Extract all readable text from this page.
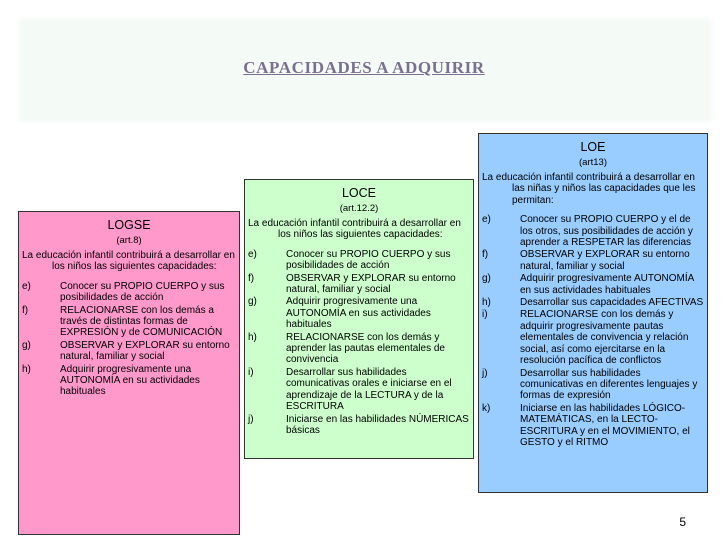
CAPACIDADES A ADQUIRIR
LOGSE
(art.8)
La educación infantil contribuirá a desarrollar en los niños las siguientes capacidades:
e)	Conocer su PROPIO CUERPO y sus posibilidades de acción
f)	RELACIONARSE con los demás a través de distintas formas de EXPRESIÓN y de COMUNICACIÓN
g)	OBSERVAR y EXPLORAR su entorno natural, familiar y social
h)	Adquirir progresivamente una AUTONOMÍA en su actividades habituales
LOCE
(art.12.2)
La educación infantil contribuirá a desarrollar en los niños las siguientes capacidades:
e)	Conocer su PROPIO CUERPO y sus posibilidades de acción
f)	OBSERVAR y EXPLORAR su entorno natural, familiar y social
g)	Adquirir progresivamente una AUTONOMÍA en sus actividades habituales
h)	RELACIONARSE con los demás y aprender las pautas elementales de convivencia
i)	Desarrollar sus habilidades comunicativas orales e iniciarse en el aprendizaje de la LECTURA y de la ESCRITURA
j)	Iniciarse en las habilidades NÚMERICAS básicas
LOE
(art13)
La educación infantil contribuirá a desarrollar en las niñas y niños las capacidades que les permitan:
e)	Conocer su PROPIO CUERPO y el de los otros, sus posibilidades de acción y aprender a RESPETAR las diferencias
f)	OBSERVAR y EXPLORAR su entorno natural, familiar y social
g)	Adquirir progresivamente AUTONOMÍA en sus actividades habituales
h)	Desarrollar sus capacidades AFECTIVAS
i)	RELACIONARSE con los demás y adquirir progresivamente pautas elementales de convivencia y relación social, así como ejercitarse en la resolución pacífica de conflictos
j)	Desarrollar sus habilidades comunicativas en diferentes lenguajes y formas de expresión
k)	Iniciarse en las habilidades LÓGICO-MATEMÁTICAS, en la LECTO-ESCRITURA y en el MOVIMIENTO, el GESTO y el RITMO
5
